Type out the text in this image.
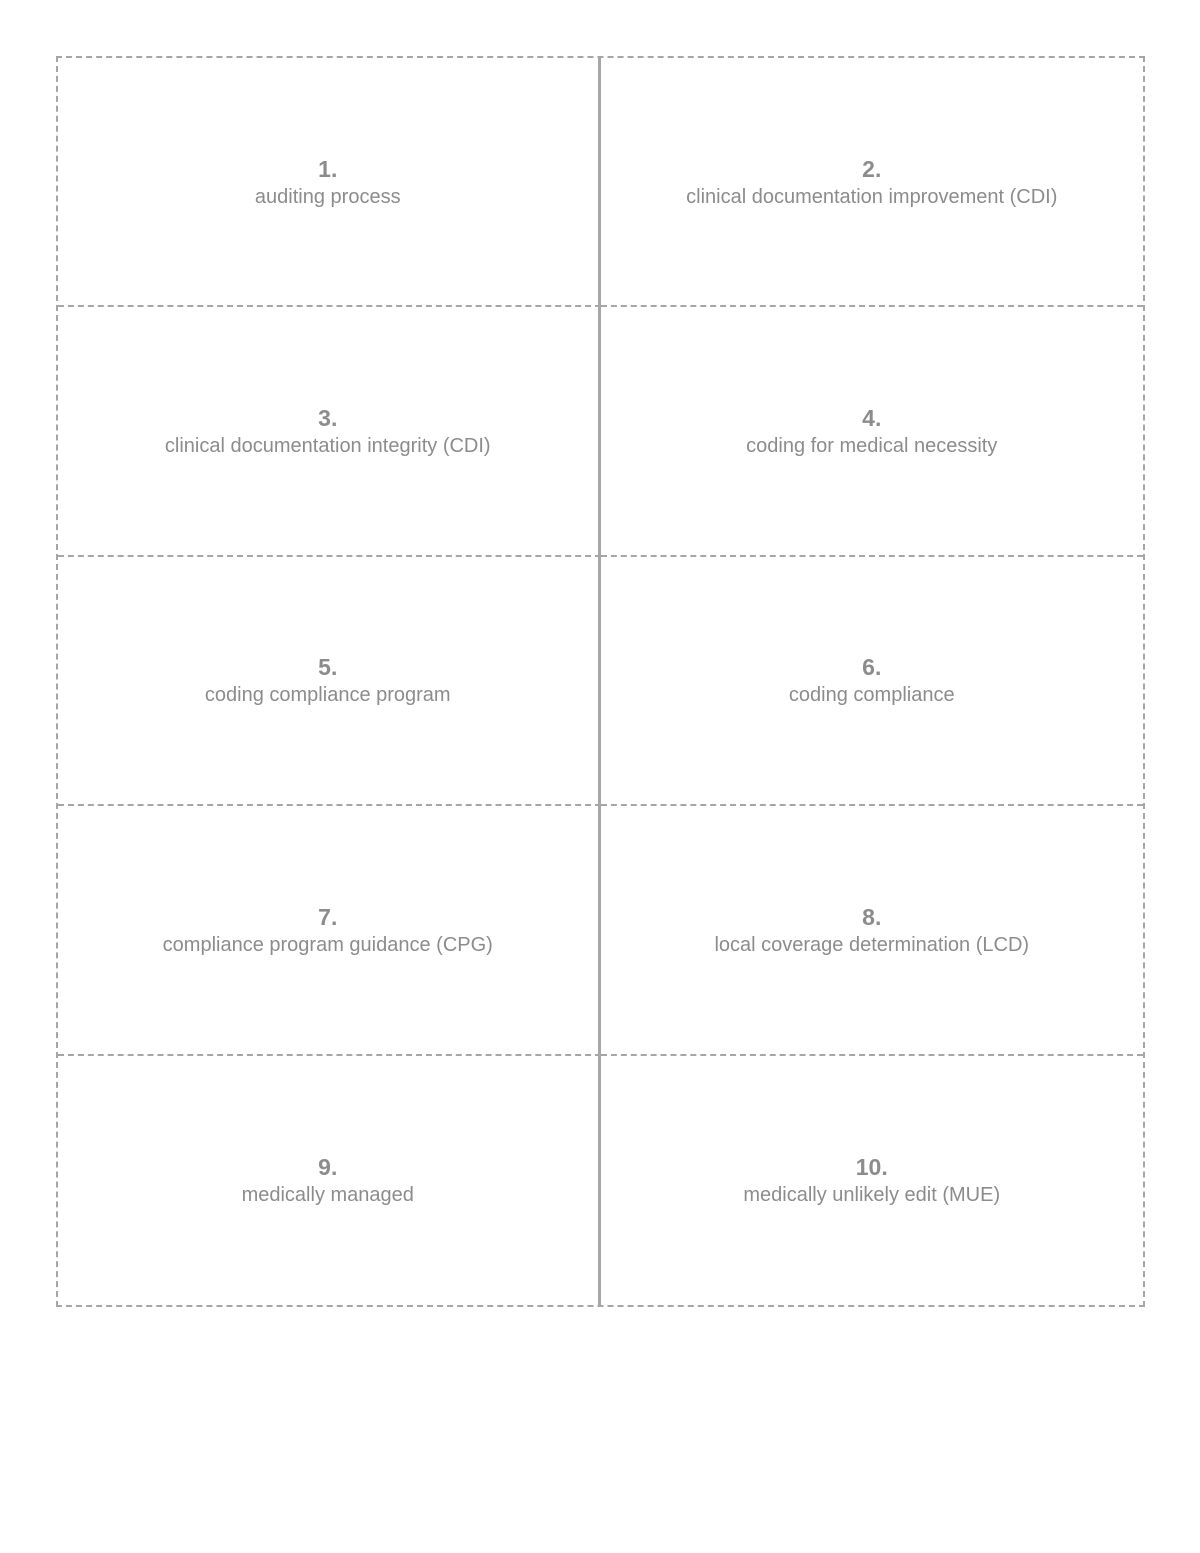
1.
auditing process
2.
clinical documentation improvement (CDI)
3.
clinical documentation integrity (CDI)
4.
coding for medical necessity
5.
coding compliance program
6.
coding compliance
7.
compliance program guidance (CPG)
8.
local coverage determination (LCD)
9.
medically managed
10.
medically unlikely edit (MUE)
